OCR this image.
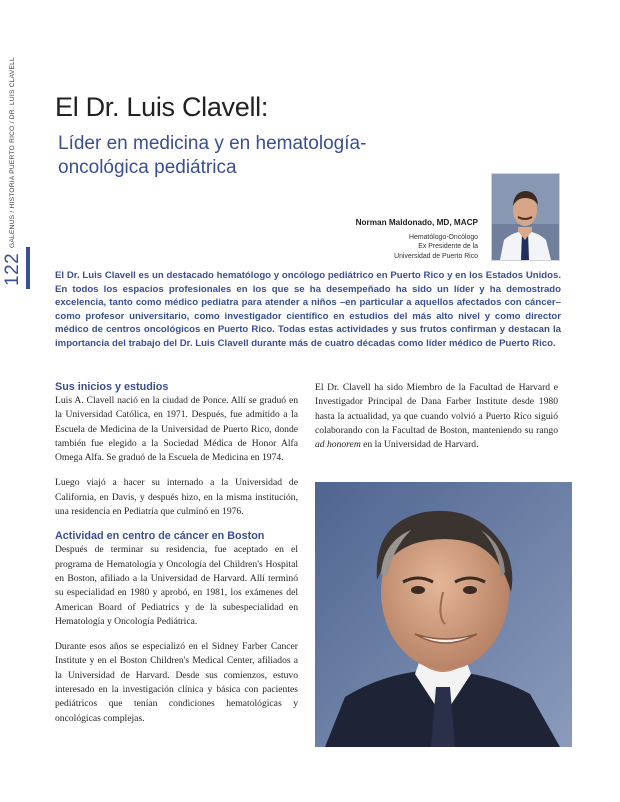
GALENUS / HISTORIA PUERTO RICO / DR. LUIS CLAVELL
122
El Dr. Luis Clavell:
Líder en medicina y en hematología-oncológica pediátrica
Norman Maldonado, MD, MACP
Hematólogo-Oncólogo
Ex Presidente de la
Universidad de Puerto Rico
El Dr. Luis Clavell es un destacado hematólogo y oncólogo pediátrico en Puerto Rico y en los Estados Unidos. En todos los espacios profesionales en los que se ha desempeñado ha sido un líder y ha demostrado excelencia, tanto como médico pediatra para atender a niños –en particular a aquellos afectados con cáncer– como profesor universitario, como investigador científico en estudios del más alto nivel y como director médico de centros oncológicos en Puerto Rico. Todas estas actividades y sus frutos confirman y destacan la importancia del trabajo del Dr. Luis Clavell durante más de cuatro décadas como líder médico de Puerto Rico.
Sus inicios y estudios

Luis A. Clavell nació en la ciudad de Ponce. Allí se graduó en la Universidad Católica, en 1971. Después, fue admitido a la Escuela de Medicina de la Universidad de Puerto Rico, donde también fue elegido a la Sociedad Médica de Honor Alfa Omega Alfa. Se graduó de la Escuela de Medicina en 1974.

Luego viajó a hacer su internado a la Universidad de California, en Davis, y después hizo, en la misma institución, una residencia en Pediatría que culminó en 1976.

Actividad en centro de cáncer en Boston

Después de terminar su residencia, fue aceptado en el programa de Hematología y Oncología del Children's Hospital en Boston, afiliado a la Universidad de Harvard. Allí terminó su especialidad en 1980 y aprobó, en 1981, los exámenes del American Board of Pediatrics y de la subespecialidad en Hematología y Oncología Pediátrica.

Durante esos años se especializó en el Sidney Farber Cancer Institute y en el Boston Children's Medical Center, afiliados a la Universidad de Harvard. Desde sus comienzos, estuvo interesado en la investigación clínica y básica con pacientes pediátricos que tenían condiciones hematológicas y oncológicas complejas.

El Dr. Clavell ha sido Miembro de la Facultad de Harvard e Investigador Principal de Dana Farber Institute desde 1980 hasta la actualidad, ya que cuando volvió a Puerto Rico siguió colaborando con la Facultad de Boston, manteniendo su rango ad honorem en la Universidad de Harvard.
